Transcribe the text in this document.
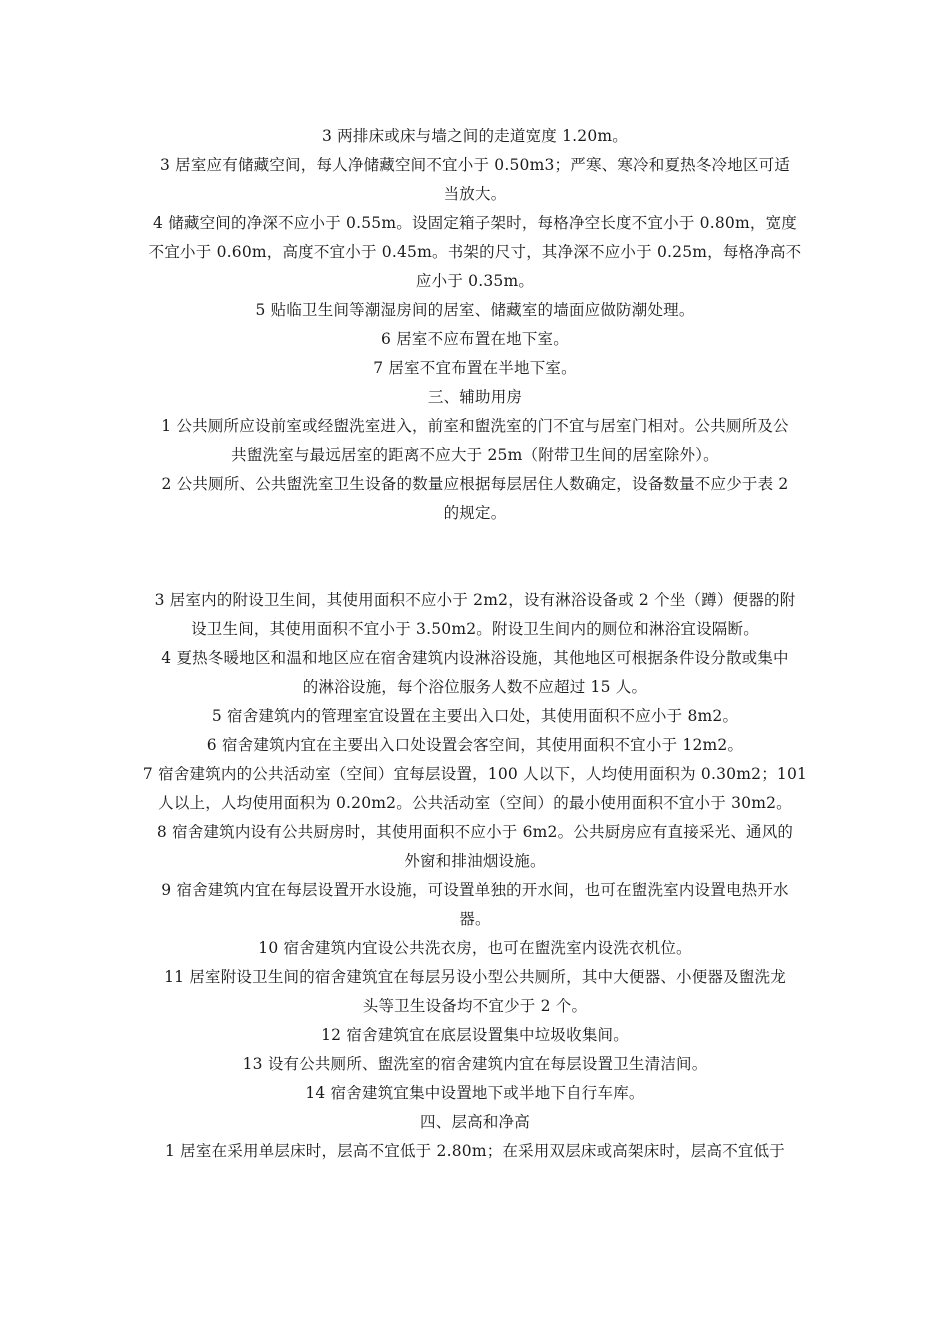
3 两排床或床与墙之间的走道宽度 1.20m。

3 居室应有储藏空间，每人净储藏空间不宜小于 0.50m3；严寒、寒冷和夏热冬冷地区可适
当放大。

4 储藏空间的净深不应小于 0.55m。设固定箱子架时，每格净空长度不宜小于 0.80m，宽度
不宜小于 0.60m，高度不宜小于 0.45m。书架的尺寸，其净深不应小于 0.25m，每格净高不
应小于 0.35m。

5 贴临卫生间等潮湿房间的居室、储藏室的墙面应做防潮处理。

6 居室不应布置在地下室。

7 居室不宜布置在半地下室。

三、辅助用房

1 公共厕所应设前室或经盥洗室进入，前室和盥洗室的门不宜与居室门相对。公共厕所及公
共盥洗室与最远居室的距离不应大于 25m（附带卫生间的居室除外）。

2 公共厕所、公共盥洗室卫生设备的数量应根据每层居住人数确定，设备数量不应少于表 2
的规定。

3 居室内的附设卫生间，其使用面积不应小于 2m2，设有淋浴设备或 2 个坐（蹲）便器的附
设卫生间，其使用面积不宜小于 3.50m2。附设卫生间内的厕位和淋浴宜设隔断。

4 夏热冬暖地区和温和地区应在宿舍建筑内设淋浴设施，其他地区可根据条件设分散或集中
的淋浴设施，每个浴位服务人数不应超过 15 人。

5 宿舍建筑内的管理室宜设置在主要出入口处，其使用面积不应小于 8m2。

6 宿舍建筑内宜在主要出入口处设置会客空间，其使用面积不宜小于 12m2。

7 宿舍建筑内的公共活动室（空间）宜每层设置，100 人以下，人均使用面积为 0.30m2；101
人以上，人均使用面积为 0.20m2。公共活动室（空间）的最小使用面积不宜小于 30m2。

8 宿舍建筑内设有公共厨房时，其使用面积不应小于 6m2。公共厨房应有直接采光、通风的
外窗和排油烟设施。

9 宿舍建筑内宜在每层设置开水设施，可设置单独的开水间，也可在盥洗室内设置电热开水
器。

10 宿舍建筑内宜设公共洗衣房，也可在盥洗室内设洗衣机位。

11 居室附设卫生间的宿舍建筑宜在每层另设小型公共厕所，其中大便器、小便器及盥洗龙
头等卫生设备均不宜少于 2 个。

12 宿舍建筑宜在底层设置集中垃圾收集间。

13 设有公共厕所、盥洗室的宿舍建筑内宜在每层设置卫生清洁间。

14 宿舍建筑宜集中设置地下或半地下自行车库。

四、层高和净高

1 居室在采用单层床时，层高不宜低于 2.80m；在采用双层床或高架床时，层高不宜低于
